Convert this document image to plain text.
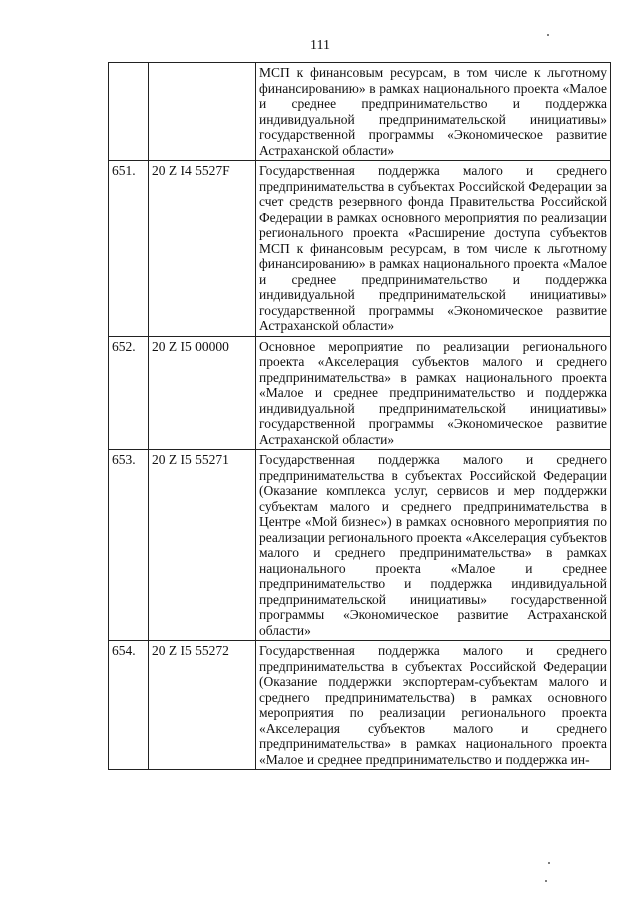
111
		МСП к финансовым ресурсам, в том числе к льготному финансированию» в рамках национального проекта «Малое и среднее предпринимательство и поддержка индивидуальной предпринимательской инициативы» государственной программы «Экономическое развитие Астраханской области»
651.	20 Z I4 5527F	Государственная поддержка малого и среднего предпринимательства в субъектах Российской Федерации за счет средств резервного фонда Правительства Российской Федерации в рамках основного мероприятия по реализации регионального проекта «Расширение доступа субъектов МСП к финансовым ресурсам, в том числе к льготному финансированию» в рамках национального проекта «Малое и среднее предпринимательство и поддержка индивидуальной предпринимательской инициативы» государственной программы «Экономическое развитие Астраханской области»
652.	20 Z I5 00000	Основное мероприятие по реализации регионального проекта «Акселерация субъектов малого и среднего предпринимательства» в рамках национального проекта «Малое и среднее предпринимательство и поддержка индивидуальной предпринимательской инициативы» государственной программы «Экономическое развитие Астраханской области»
653.	20 Z I5 55271	Государственная поддержка малого и среднего предпринимательства в субъектах Российской Федерации (Оказание комплекса услуг, сервисов и мер поддержки субъектам малого и среднего предпринимательства в Центре «Мой бизнес») в рамках основного мероприятия по реализации регионального проекта «Акселерация субъектов малого и среднего предпринимательства» в рамках национального проекта «Малое и среднее предпринимательство и поддержка индивидуальной предпринимательской инициативы» государственной программы «Экономическое развитие Астраханской области»
654.	20 Z I5 55272	Государственная поддержка малого и среднего предпринимательства в субъектах Российской Федерации (Оказание поддержки экспортерам-субъектам малого и среднего предпринимательства) в рамках основного мероприятия по реализации регионального проекта «Акселерация субъектов малого и среднего предпринимательства» в рамках национального проекта «Малое и среднее предпринимательство и поддержка ин-
